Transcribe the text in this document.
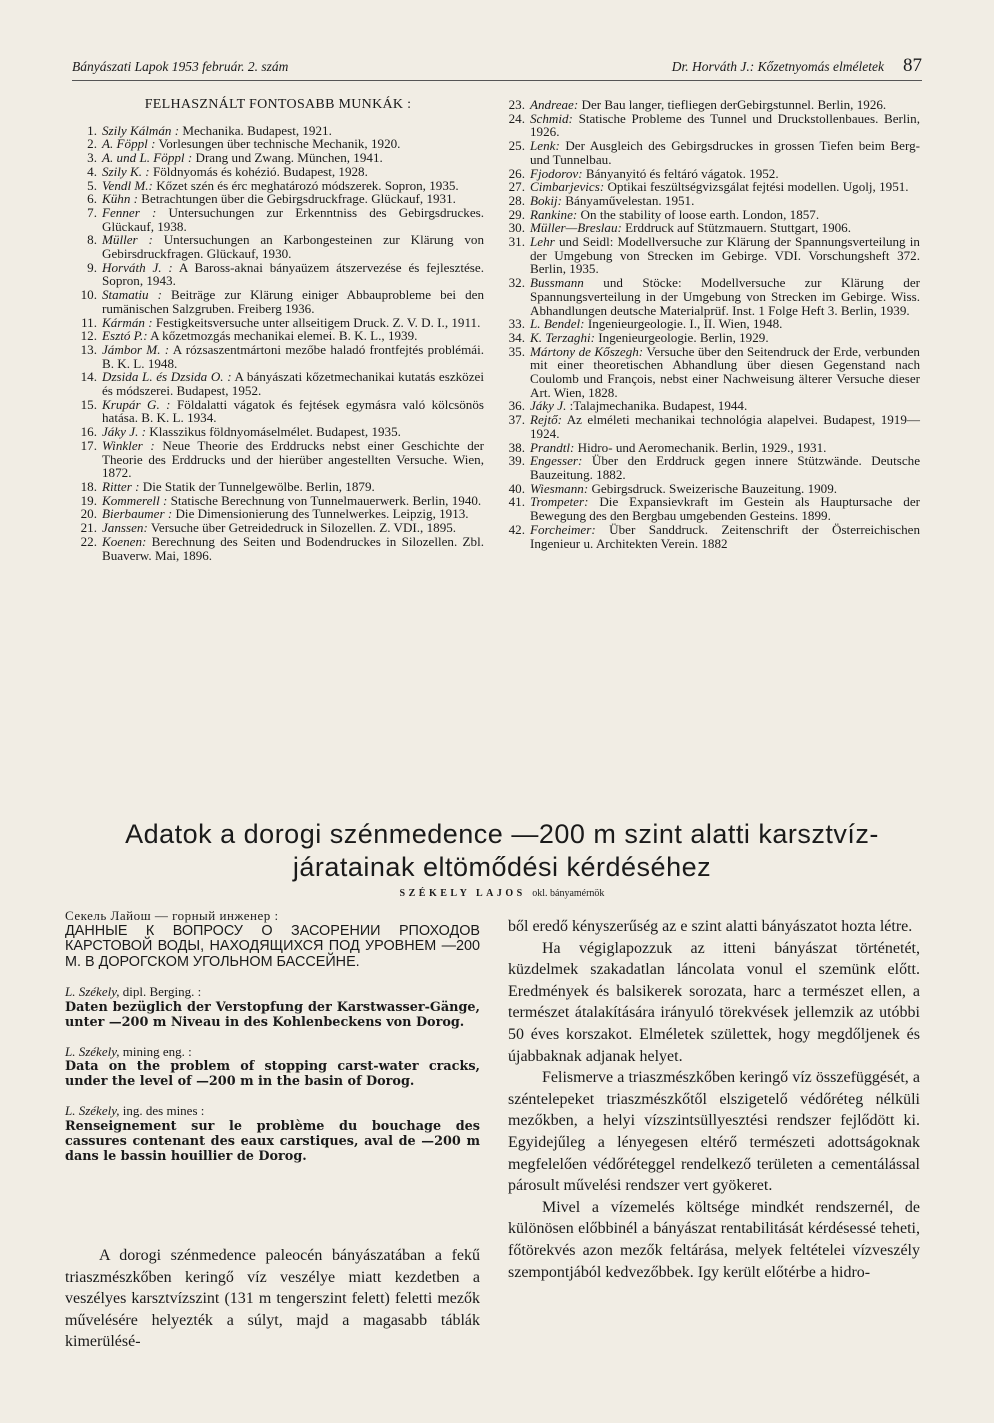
Bányászati Lapok 1953 február. 2. szám	Dr. Horváth J.: Kőzetnyomás elméletek 87
FELHASZNÁLT FONTOSABB MUNKÁK :
1. Szily Kálmán : Mechanika. Budapest, 1921.
2. A. Föppl : Vorlesungen über technische Mechanik, 1920.
3. A. und L. Föppl : Drang und Zwang. München, 1941.
4. Szily K. : Földnyomás és kohézió. Budapest, 1928.
5. Vendl M.: Kőzet szén és érc meghatározó módszerek. Sopron, 1935.
6. Kühn : Betrachtungen über die Gebirgsdruckfrage. Glückauf, 1931.
7. Fenner : Untersuchungen zur Erkenntniss des Gebirgsdruckes. Glückauf, 1938.
8. Müller : Untersuchungen an Karbongesteinen zur Klärung von Gebirsdruckfragen. Glückauf, 1930.
9. Horváth J. : A Baross-aknai bányaüzem átszervezése és fejlesztése. Sopron, 1943.
10. Stamatiu : Beiträge zur Klärung einiger Abbauprobleme bei den rumänischen Salzgruben. Freiberg 1936.
11. Kármán : Festigkeitsversuche unter allseitigem Druck. Z. V. D. I., 1911.
12. Esztó P.: A kőzetmozgás mechanikai elemei. B. K. L., 1939.
13. Jámbor M. : A rózsaszentmártoni mezőbe haladó frontfejtés problémái. B. K. L. 1948.
14. Dzsida L. és Dzsida O. : A bányászati kőzetmechanikai kutatás eszközei és módszerei. Budapest, 1952.
15. Krupár G. : Földalatti vágatok és fejtések egymásra való kölcsönös hatása. B. K. L. 1934.
16. Jáky J. : Klasszikus földnyomáselmélet. Budapest, 1935.
17. Winkler : Neue Theorie des Erddrucks nebst einer Geschichte der Theorie des Erddrucks und der hierüber angestellten Versuche. Wien, 1872.
18. Ritter : Die Statik der Tunnelgewölbe. Berlin, 1879.
19. Kommerell : Statische Berechnung von Tunnelmauerwerk. Berlin, 1940.
20. Bierbaumer : Die Dimensionierung des Tunnelwerkes. Leipzig, 1913.
21. Janssen: Versuche über Getreidedruck in Silozellen. Z. VDI., 1895.
22. Koenen: Berechnung des Seiten und Bodendruckes in Silozellen. Zbl. Buaverw. Mai, 1896.
23. Andreae: Der Bau langer, tiefliegen derGebirgstunnel. Berlin, 1926.
24. Schmid: Statische Probleme des Tunnel und Druckstollenbaues. Berlin, 1926.
25. Lenk: Der Ausgleich des Gebirgsdruckes in grossen Tiefen beim Berg- und Tunnelbau.
26. Fjodorov: Bányanyitó és feltáró vágatok. 1952.
27. Cimbarjevics: Optikai feszültségvizsgálat fejtési modellen. Ugolj, 1951.
28. Bokij: Bányaművelestan. 1951.
29. Rankine: On the stability of loose earth. London, 1857.
30. Müller—Breslau: Erddruck auf Stützmauern. Stuttgart, 1906.
31. Lehr und Seidl: Modellversuche zur Klärung der Spannungsverteilung in der Umgebung von Strecken im Gebirge. VDI. Vorschungsheft 372. Berlin, 1935.
32. Bussmann und Stöcke: Modellversuche zur Klärung der Spannungsverteilung in der Umgebung von Strecken im Gebirge. Wiss. Abhandlungen deutsche Materialprüf. Inst. 1 Folge Heft 3. Berlin, 1939.
33. L. Bendel: Ingenieurgeologie. I., II. Wien, 1948.
34. K. Terzaghi: Ingenieurgeologie. Berlin, 1929.
35. Mártony de Kőszegh: Versuche über den Seitendruck der Erde, verbunden mit einer theoretischen Abhandlung über diesen Gegenstand nach Coulomb und François, nebst einer Nachweisung älterer Versuche dieser Art. Wien, 1828.
36. Jáky J. :Talajmechanika. Budapest, 1944.
37. Rejtő: Az elméleti mechanikai technológia alapelvei. Budapest, 1919—1924.
38. Prandtl: Hidro- und Aeromechanik. Berlin, 1929., 1931.
39. Engesser: Über den Erddruck gegen innere Stützwände. Deutsche Bauzeitung. 1882.
40. Wiesmann: Gebirgsdruck. Sweizerische Bauzeitung. 1909.
41. Trompeter: Die Expansievkraft im Gestein als Hauptursache der Bewegung des den Bergbau umgebenden Gesteins. 1899.
42. Forcheimer: Über Sanddruck. Zeitenschrift der Österreichischen Ingenieur u. Architekten Verein. 1882
Adatok a dorogi szénmedence —200 m szint alatti karsztvíz-
járatainak eltömődési kérdéséhez
SZÉKELY LAJOS okl. bányamérnök
Секель Лайош — горный инженер :
ДАННЫЕ К ВОПРОСУ О ЗАСОРЕНИИ РПОХОДОВ КАРСТОВОЙ ВОДЫ, НАХОДЯЩИХСЯ ПОД УРОВНЕМ —200 М. В ДОРОГСКОМ УГОЛЬНОМ БАССЕЙНЕ.
L. Székely, dipl. Berging. :
Daten bezüglich der Verstopfung der Karstwasser-Gänge, unter —200 m Niveau in des Kohlenbeckens von Dorog.
L. Székely, mining eng. :
Data on the problem of stopping carst-water cracks, under the level of —200 m in the basin of Dorog.
L. Székely, ing. des mines :
Renseignement sur le problème du bouchage des cassures contenant des eaux carstiques, aval de —200 m dans le bassin houillier de Dorog.

A dorogi szénmedence paleocén bányászatában a fekű triaszmészkőben keringő víz veszélye miatt kezdetben a veszélyes karsztvízszint (131 m tengerszint felett) feletti mezők művelésére helyezték a súlyt, majd a magasabb táblák kimerülésé-

ből eredő kényszerűség az e szint alatti bányászatot hozta létre.

Ha végiglapozzuk az itteni bányászat történetét, küzdelmek szakadatlan láncolata vonul el szemünk előtt. Eredmények és balsikerek sorozata, harc a természet ellen, a természet átalakítására irányuló törekvések jellemzik az utóbbi 50 éves korszakot. Elméletek születtek, hogy megdőljenek és újabbaknak adjanak helyet.

Felismerve a triaszmészkőben keringő víz összefüggését, a széntelepeket triaszmészkőtől elszigetelő védőréteg nélküli mezőkben, a helyi vízszintsüllyesztési rendszer fejlődött ki. Egyidejűleg a lényegesen eltérő természeti adottságoknak megfelelően védőréteggel rendelkező területen a cementálással párosult művelési rendszer vert gyökeret.

Mivel a vízemelés költsége mindkét rendszernél, de különösen előbbinél a bányászat rentabilitását kérdésessé teheti, főtörekvés azon mezők feltárása, melyek feltételei vízveszély szempontjából kedvezőbbek. Igy került előtérbe a hidro-
